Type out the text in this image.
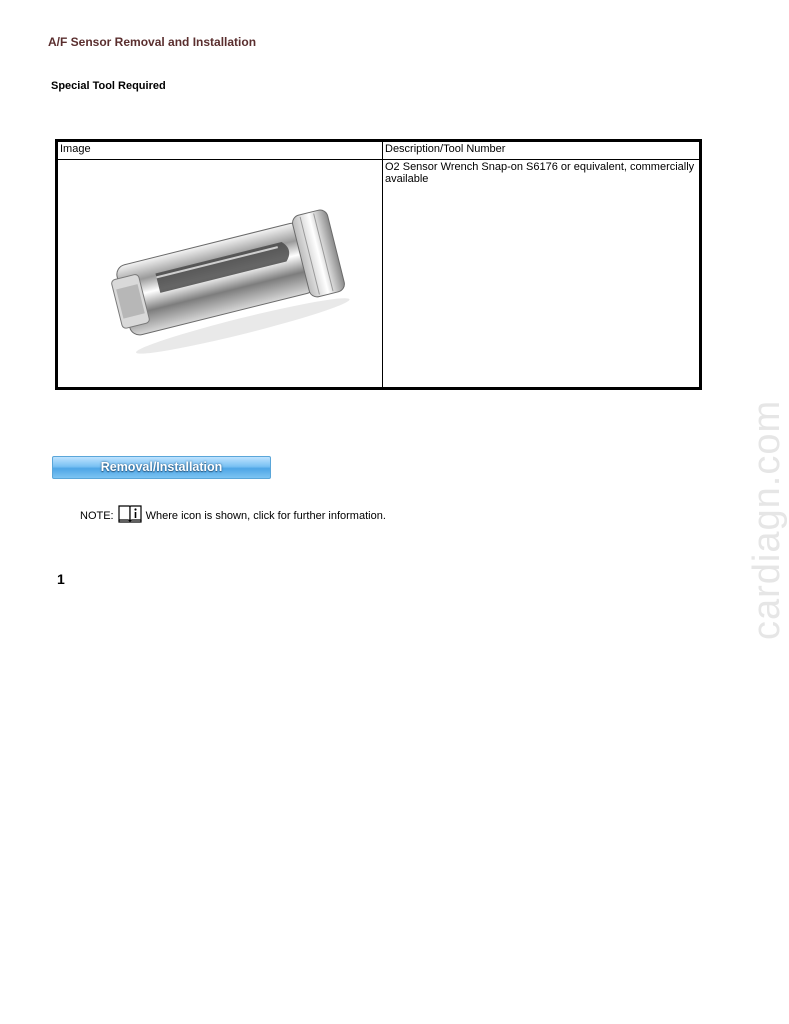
A/F Sensor Removal and Installation
Special Tool Required
Image	Description/Tool Number

	O2 Sensor Wrench Snap-on S6176 or equivalent, commercially available
Removal/Installation
NOTE:	Where icon is shown, click for further information.
1	cardiagn.com
